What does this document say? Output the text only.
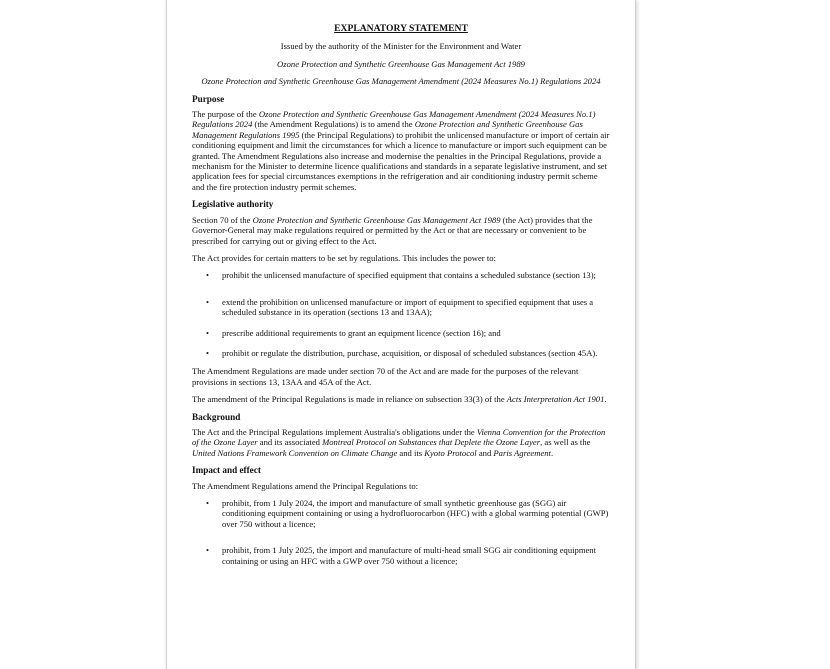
EXPLANATORY STATEMENT
Issued by the authority of the Minister for the Environment and Water
Ozone Protection and Synthetic Greenhouse Gas Management Act 1989
Ozone Protection and Synthetic Greenhouse Gas Management Amendment (2024 Measures No.1) Regulations 2024
Purpose

The purpose of the Ozone Protection and Synthetic Greenhouse Gas Management Amendment (2024 Measures No.1) Regulations 2024 (the Amendment Regulations) is to amend the Ozone Protection and Synthetic Greenhouse Gas Management Regulations 1995 (the Principal Regulations) to prohibit the unlicensed manufacture or import of certain air conditioning equipment and limit the circumstances for which a licence to manufacture or import such equipment can be granted. The Amendment Regulations also increase and modernise the penalties in the Principal Regulations, provide a mechanism for the Minister to determine licence qualifications and standards in a separate legislative instrument, and set application fees for special circumstances exemptions in the refrigeration and air conditioning industry permit scheme and the fire protection industry permit schemes.

Legislative authority

Section 70 of the Ozone Protection and Synthetic Greenhouse Gas Management Act 1989 (the Act) provides that the Governor-General may make regulations required or permitted by the Act or that are necessary or convenient to be prescribed for carrying out or giving effect to the Act.

The Act provides for certain matters to be set by regulations. This includes the power to:

• prohibit the unlicensed manufacture of specified equipment that contains a scheduled substance (section 13);
• extend the prohibition on unlicensed manufacture or import of equipment to specified equipment that uses a scheduled substance in its operation (sections 13 and 13AA);
• prescribe additional requirements to grant an equipment licence (section 16); and
• prohibit or regulate the distribution, purchase, acquisition, or disposal of scheduled substances (section 45A).

The Amendment Regulations are made under section 70 of the Act and are made for the purposes of the relevant provisions in sections 13, 13AA and 45A of the Act.

The amendment of the Principal Regulations is made in reliance on subsection 33(3) of the Acts Interpretation Act 1901.

Background

The Act and the Principal Regulations implement Australia's obligations under the Vienna Convention for the Protection of the Ozone Layer and its associated Montreal Protocol on Substances that Deplete the Ozone Layer, as well as the United Nations Framework Convention on Climate Change and its Kyoto Protocol and Paris Agreement.

Impact and effect

The Amendment Regulations amend the Principal Regulations to:

• prohibit, from 1 July 2024, the import and manufacture of small synthetic greenhouse gas (SGG) air conditioning equipment containing or using a hydrofluorocarbon (HFC) with a global warming potential (GWP) over 750 without a licence;
• prohibit, from 1 July 2025, the import and manufacture of multi-head small SGG air conditioning equipment containing or using an HFC with a GWP over 750 without a licence;
